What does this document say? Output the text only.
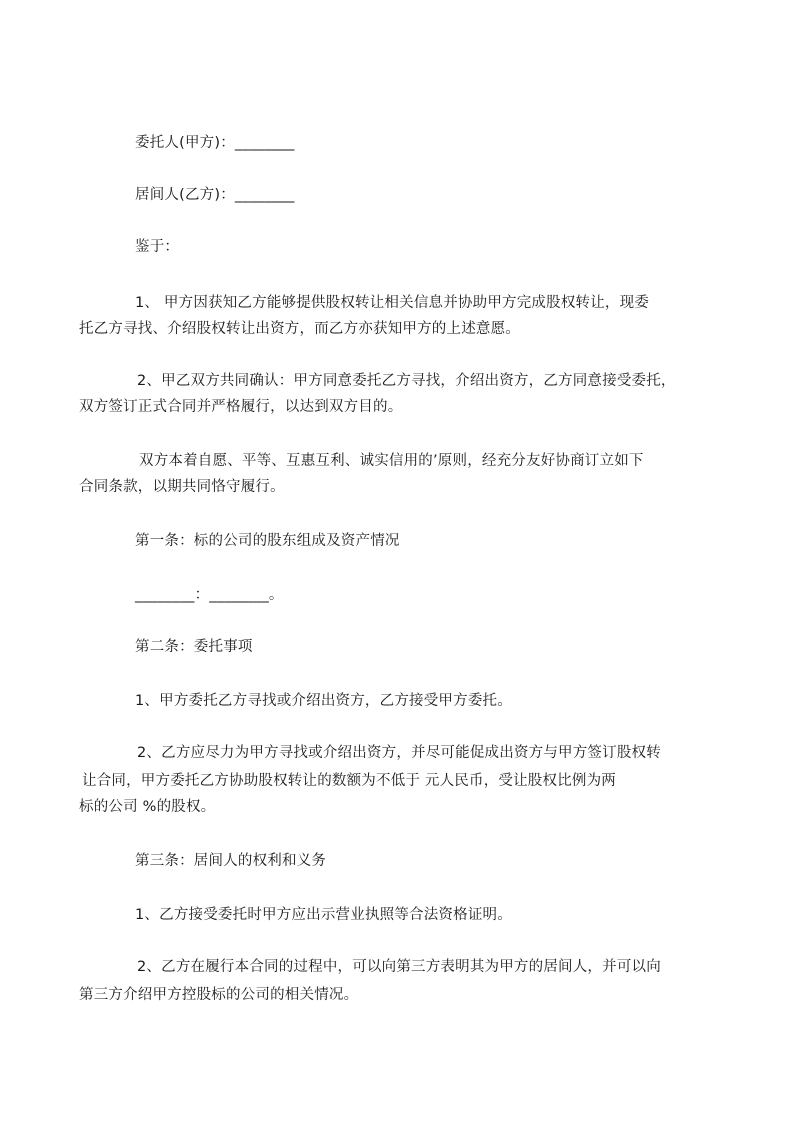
委托人(甲方)：________
居间人(乙方)：________
鉴于：
1、 甲方因获知乙方能够提供股权转让相关信息并协助甲方完成股权转让，现委
托乙方寻找、介绍股权转让出资方，而乙方亦获知甲方的上述意愿。
2、甲乙双方共同确认：甲方同意委托乙方寻找，介绍出资方，乙方同意接受委托，
双方签订正式合同并严格履行，以达到双方目的。
双方本着自愿、平等、互惠互利、诚实信用的’原则，经充分友好协商订立如下
合同条款，以期共同恪守履行。
第一条：标的公司的股东组成及资产情况
________：________。
第二条：委托事项
1、甲方委托乙方寻找或介绍出资方，乙方接受甲方委托。
2、乙方应尽力为甲方寻找或介绍出资方，并尽可能促成出资方与甲方签订股权转
让合同，甲方委托乙方协助股权转让的数额为不低于 元人民币，受让股权比例为两
标的公司 %的股权。
第三条：居间人的权利和义务
1、乙方接受委托时甲方应出示营业执照等合法资格证明。
2、乙方在履行本合同的过程中，可以向第三方表明其为甲方的居间人，并可以向
第三方介绍甲方控股标的公司的相关情况。
